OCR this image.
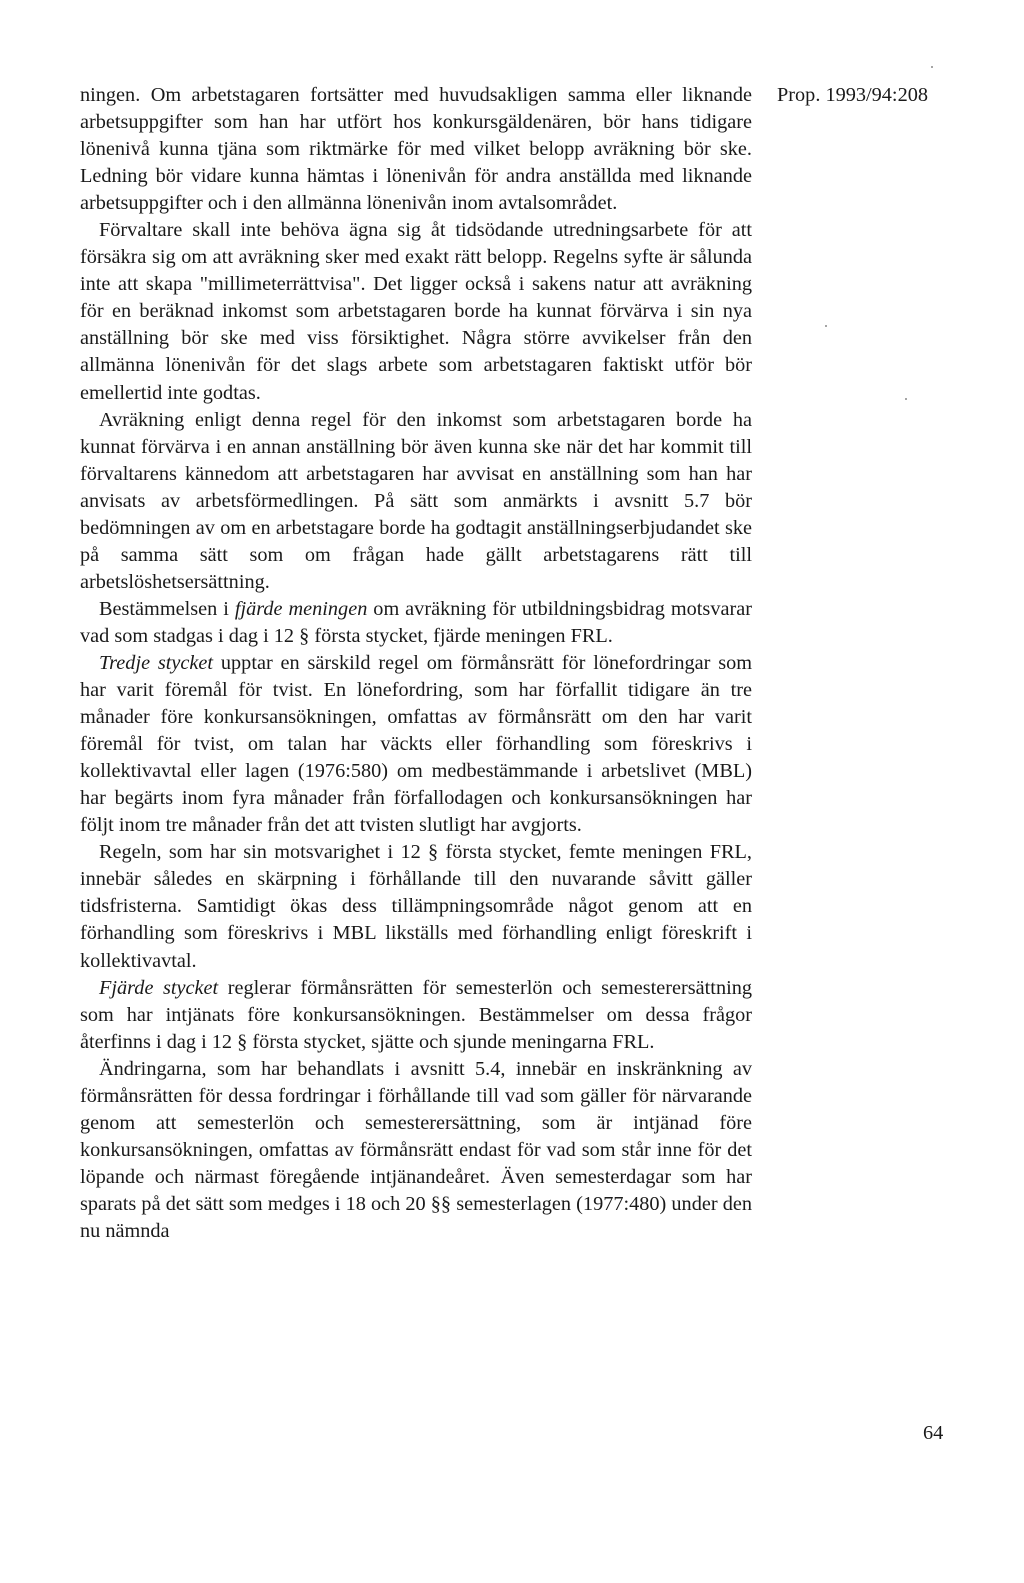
Prop. 1993/94:208

ningen. Om arbetstagaren fortsätter med huvudsakligen samma eller liknande arbetsuppgifter som han har utfört hos konkursgäldenären, bör hans tidigare lönenivå kunna tjäna som riktmärke för med vilket belopp avräkning bör ske. Ledning bör vidare kunna hämtas i lönenivån för andra anställda med liknande arbetsuppgifter och i den allmänna lönenivån inom avtalsområdet.

Förvaltare skall inte behöva ägna sig åt tidsödande utredningsarbete för att försäkra sig om att avräkning sker med exakt rätt belopp. Regelns syfte är sålunda inte att skapa "millimeterrättvisa". Det ligger också i sakens natur att avräkning för en beräknad inkomst som arbetstagaren borde ha kunnat förvärva i sin nya anställning bör ske med viss försiktighet. Några större avvikelser från den allmänna lönenivån för det slags arbete som arbetstagaren faktiskt utför bör emellertid inte godtas.

Avräkning enligt denna regel för den inkomst som arbetstagaren borde ha kunnat förvärva i en annan anställning bör även kunna ske när det har kommit till förvaltarens kännedom att arbetstagaren har avvisat en anställning som han har anvisats av arbetsförmedlingen. På sätt som anmärkts i avsnitt 5.7 bör bedömningen av om en arbetstagare borde ha godtagit anställningserbjudandet ske på samma sätt som om frågan hade gällt arbetstagarens rätt till arbetslöshetsersättning.

Bestämmelsen i fjärde meningen om avräkning för utbildningsbidrag motsvarar vad som stadgas i dag i 12 § första stycket, fjärde meningen FRL.

Tredje stycket upptar en särskild regel om förmånsrätt för lönefordringar som har varit föremål för tvist. En lönefordring, som har förfallit tidigare än tre månader före konkursansökningen, omfattas av förmånsrätt om den har varit föremål för tvist, om talan har väckts eller förhandling som föreskrivs i kollektivavtal eller lagen (1976:580) om medbestämmande i arbetslivet (MBL) har begärts inom fyra månader från förfallodagen och konkursansökningen har följt inom tre månader från det att tvisten slutligt har avgjorts.

Regeln, som har sin motsvarighet i 12 § första stycket, femte meningen FRL, innebär således en skärpning i förhållande till den nuvarande såvitt gäller tidsfristerna. Samtidigt ökas dess tillämpningsområde något genom att en förhandling som föreskrivs i MBL likställs med förhandling enligt föreskrift i kollektivavtal.

Fjärde stycket reglerar förmånsrätten för semesterlön och semesterersättning som har intjänats före konkursansökningen. Bestämmelser om dessa frågor återfinns i dag i 12 § första stycket, sjätte och sjunde meningarna FRL.

Ändringarna, som har behandlats i avsnitt 5.4, innebär en inskränkning av förmånsrätten för dessa fordringar i förhållande till vad som gäller för närvarande genom att semesterlön och semesterersättning, som är intjänad före konkursansökningen, omfattas av förmånsrätt endast för vad som står inne för det löpande och närmast föregående intjänandeåret. Även semesterdagar som har sparats på det sätt som medges i 18 och 20 §§ semesterlagen (1977:480) under den nu nämnda

64
